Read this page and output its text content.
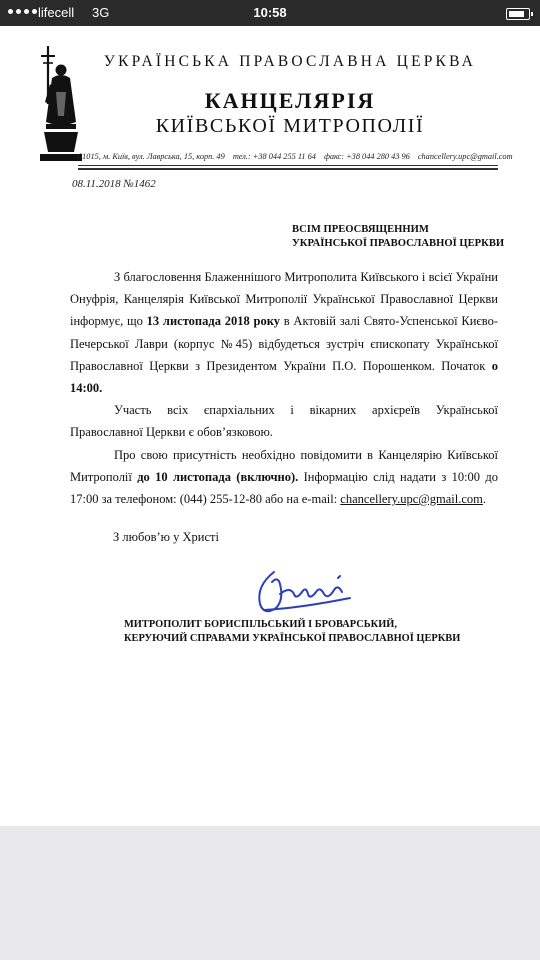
lifecell 3G	10:58
УКРАЇНСЬКА ПРАВОСЛАВНА ЦЕРКВА
КАНЦЕЛЯРІЯ
КИЇВСЬКОЇ МИТРОПОЛІЇ
01015, м. Київ, вул. Лаврська, 15, корп. 49 тел.: +38 044 255 11 64 факс: +38 044 280 43 96 chancellery.upc@gmail.com
08.11.2018 №1462
ВСІМ ПРЕОСВЯЩЕННИМ
УКРАЇНСЬКОЇ ПРАВОСЛАВНОЇ ЦЕРКВИ

З благословення Блаженнішого Митрополита Київського і всієї України Онуфрія, Канцелярія Київської Митрополії Української Православної Церкви інформує, що 13 листопада 2018 року в Актовій залі Свято-Успенської Києво-Печерської Лаври (корпус №45) відбудеться зустріч єпископату Української Православної Церкви з Президентом України П.О. Порошенком. Початок о 14:00.

Участь всіх єпархіальних і вікарних архієреїв Української Православної Церкви є обов’язковою.

Про свою присутність необхідно повідомити в Канцелярію Київської Митрополії до 10 листопада (включно). Інформацію слід надати з 10:00 до 17:00 за телефоном: (044) 255-12-80 або на e-mail: chancellery.upc@gmail.com.

З любов’ю у Христі
МИТРОПОЛИТ БОРИСПІЛЬСЬКИЙ І БРОВАРСЬКИЙ,
КЕРУЮЧИЙ СПРАВАМИ УКРАЇНСЬКОЇ ПРАВОСЛАВНОЇ ЦЕРКВИ
